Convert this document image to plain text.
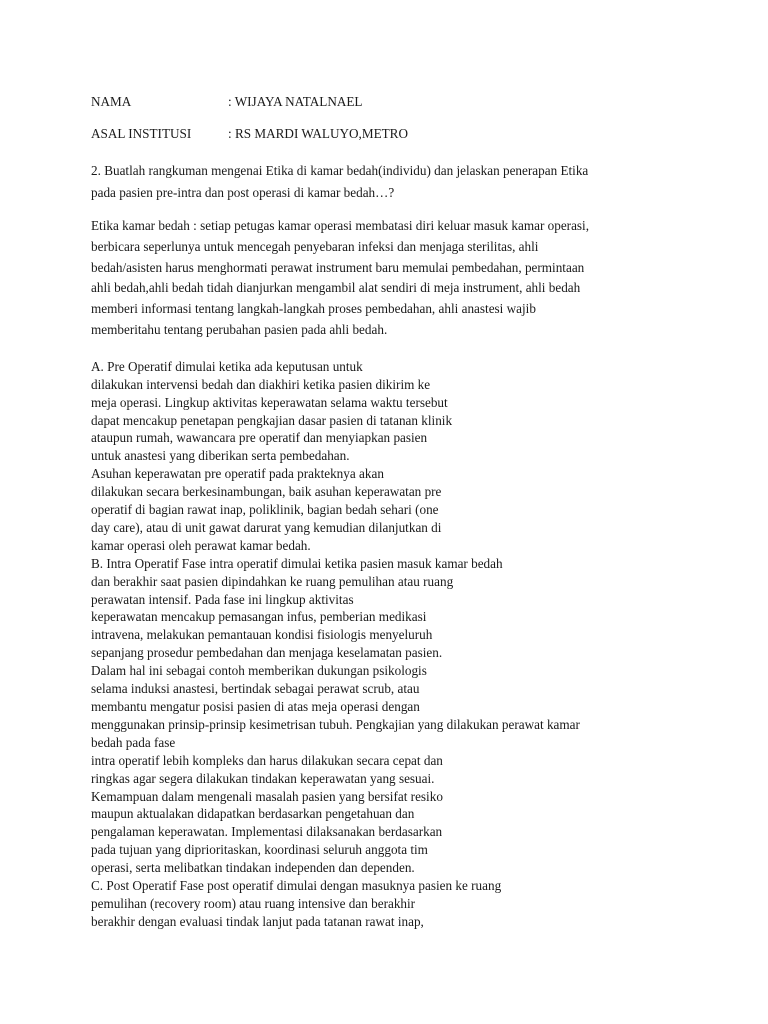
NAMA	: WIJAYA NATALNAEL
ASAL INSTITUSI	: RS MARDI WALUYO,METRO

2. Buatlah rangkuman mengenai Etika di kamar bedah(individu) dan jelaskan penerapan Etika
pada pasien pre-intra dan post operasi di kamar bedah…?

Etika kamar bedah : setiap petugas kamar operasi membatasi diri keluar masuk kamar operasi,
berbicara seperlunya untuk mencegah penyebaran infeksi dan menjaga sterilitas, ahli
bedah/asisten harus menghormati perawat instrument baru memulai pembedahan, permintaan
ahli bedah,ahli bedah tidah dianjurkan mengambil alat sendiri di meja instrument, ahli bedah
memberi informasi tentang langkah-langkah proses pembedahan, ahli anastesi wajib
memberitahu tentang perubahan pasien pada ahli bedah.

A. Pre Operatif dimulai ketika ada keputusan untuk
dilakukan intervensi bedah dan diakhiri ketika pasien dikirim ke
meja operasi. Lingkup aktivitas keperawatan selama waktu tersebut
dapat mencakup penetapan pengkajian dasar pasien di tatanan klinik
ataupun rumah, wawancara pre operatif dan menyiapkan pasien
untuk anastesi yang diberikan serta pembedahan.
Asuhan keperawatan pre operatif pada prakteknya akan
dilakukan secara berkesinambungan, baik asuhan keperawatan pre
operatif di bagian rawat inap, poliklinik, bagian bedah sehari (one
day care), atau di unit gawat darurat yang kemudian dilanjutkan di
kamar operasi oleh perawat kamar bedah.
B. Intra Operatif Fase intra operatif dimulai ketika pasien masuk kamar bedah
dan berakhir saat pasien dipindahkan ke ruang pemulihan atau ruang
perawatan intensif. Pada fase ini lingkup aktivitas
keperawatan mencakup pemasangan infus, pemberian medikasi
intravena, melakukan pemantauan kondisi fisiologis menyeluruh
sepanjang prosedur pembedahan dan menjaga keselamatan pasien.
Dalam hal ini sebagai contoh memberikan dukungan psikologis
selama induksi anastesi, bertindak sebagai perawat scrub, atau
membantu mengatur posisi pasien di atas meja operasi dengan
menggunakan prinsip-prinsip kesimetrisan tubuh. Pengkajian yang dilakukan perawat kamar
bedah pada fase
intra operatif lebih kompleks dan harus dilakukan secara cepat dan
ringkas agar segera dilakukan tindakan keperawatan yang sesuai.
Kemampuan dalam mengenali masalah pasien yang bersifat resiko
maupun aktualakan didapatkan berdasarkan pengetahuan dan
pengalaman keperawatan. Implementasi dilaksanakan berdasarkan
pada tujuan yang diprioritaskan, koordinasi seluruh anggota tim
operasi, serta melibatkan tindakan independen dan dependen.
C. Post Operatif Fase post operatif dimulai dengan masuknya pasien ke ruang
pemulihan (recovery room) atau ruang intensive dan berakhir
berakhir dengan evaluasi tindak lanjut pada tatanan rawat inap,
